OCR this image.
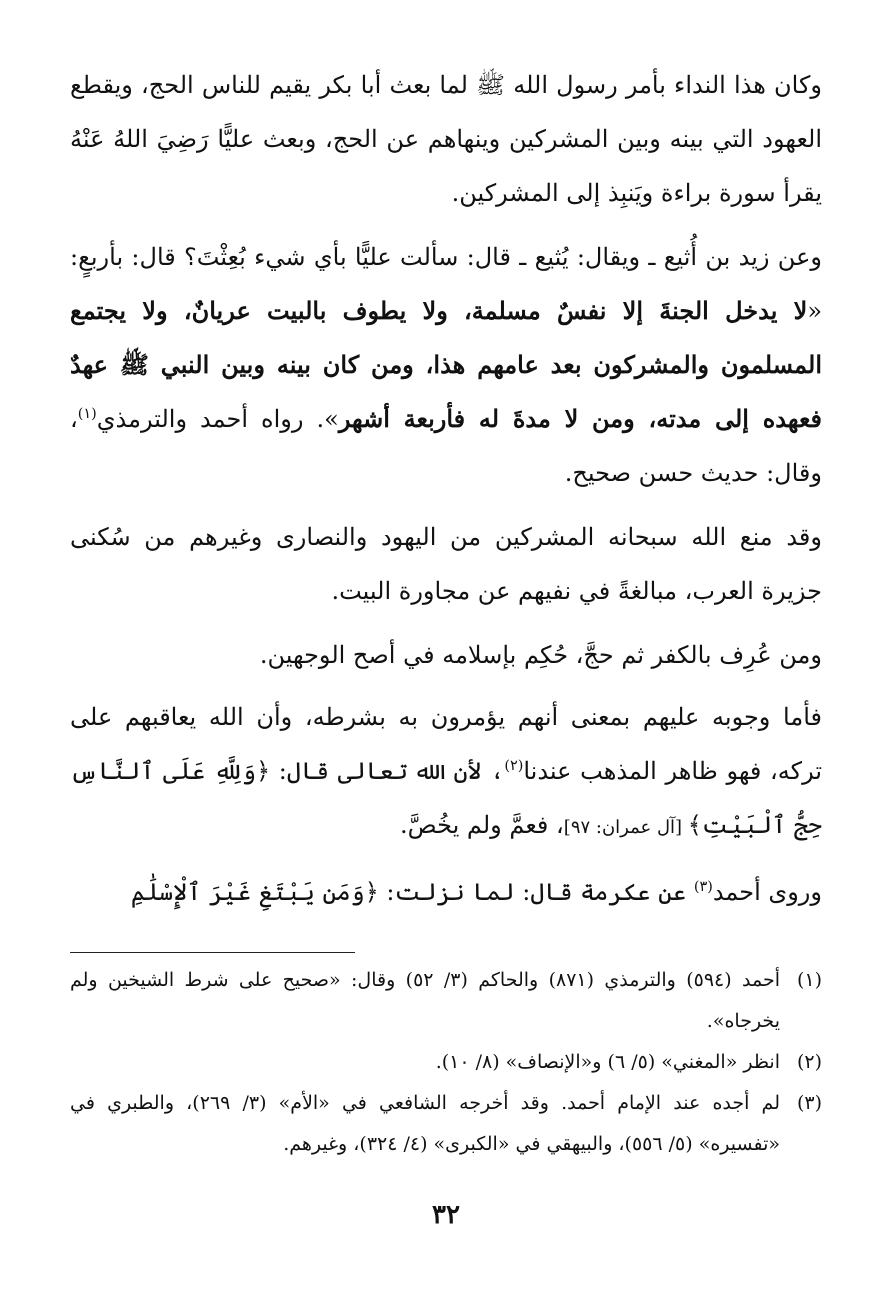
وكان هذا النداء بأمر رسول الله ﷺ لما بعث أبا بكر يقيم للناس الحج، ويقطع العهود التي بينه وبين المشركين وينهاهم عن الحج، وبعث عليًّا رَضِيَ اللهُ عَنْهُ يقرأ سورة براءة ويَنبِذ إلى المشركين.

وعن زيد بن أُثيع ـ ويقال: يُثيع ـ قال: سألت عليًّا بأي شيء بُعِثْتَ؟ قال: بأربعٍ: «لا يدخل الجنةَ إلا نفسٌ مسلمة، ولا يطوف بالبيت عريانٌ، ولا يجتمع المسلمون والمشركون بعد عامهم هذا، ومن كان بينه وبين النبي ﷺ عهدٌ فعهده إلى مدته، ومن لا مدةَ له فأربعة أشهر». رواه أحمد والترمذي$^{(١)}$، وقال: حديث حسن صحيح.

وقد منع الله سبحانه المشركين من اليهود والنصارى وغيرهم من سُكنى جزيرة العرب، مبالغةً في نفيهم عن مجاورة البيت.

ومن عُرِف بالكفر ثم حجَّ، حُكِم بإسلامه في أصح الوجهين.

فأما وجوبه عليهم بمعنى أنهم يؤمرون به بشرطه، وأن الله يعاقبهم على تركه، فهو ظاهر المذهب عندنا$^{(٢)}$، لأن الله تعالى قال: ﴿وَلِلَّهِ عَلَى ٱلنَّاسِ حِجُّ ٱلْبَيْتِ﴾ [آل عمران: ٩٧]، فعمَّ ولم يخُصَّ.

وروى أحمد$^{(٣)}$ عن عكرمة قال: لما نزلت: ﴿وَمَن يَبْتَغِ غَيْرَ ٱلْإِسْلَٰمِ

(١)
أحمد (٥٩٤) والترمذي (٨٧١) والحاكم (٣/ ٥٢) وقال: «صحيح على شرط الشيخين ولم يخرجاه».
(٢)
انظر «المغني» (٥/ ٦) و«الإنصاف» (٨/ ١٠).
(٣)
لم أجده عند الإمام أحمد. وقد أخرجه الشافعي في «الأم» (٣/ ٢٦٩)، والطبري في «تفسيره» (٥/ ٥٥٦)، والبيهقي في «الكبرى» (٤/ ٣٢٤)، وغيرهم.
٣٢
